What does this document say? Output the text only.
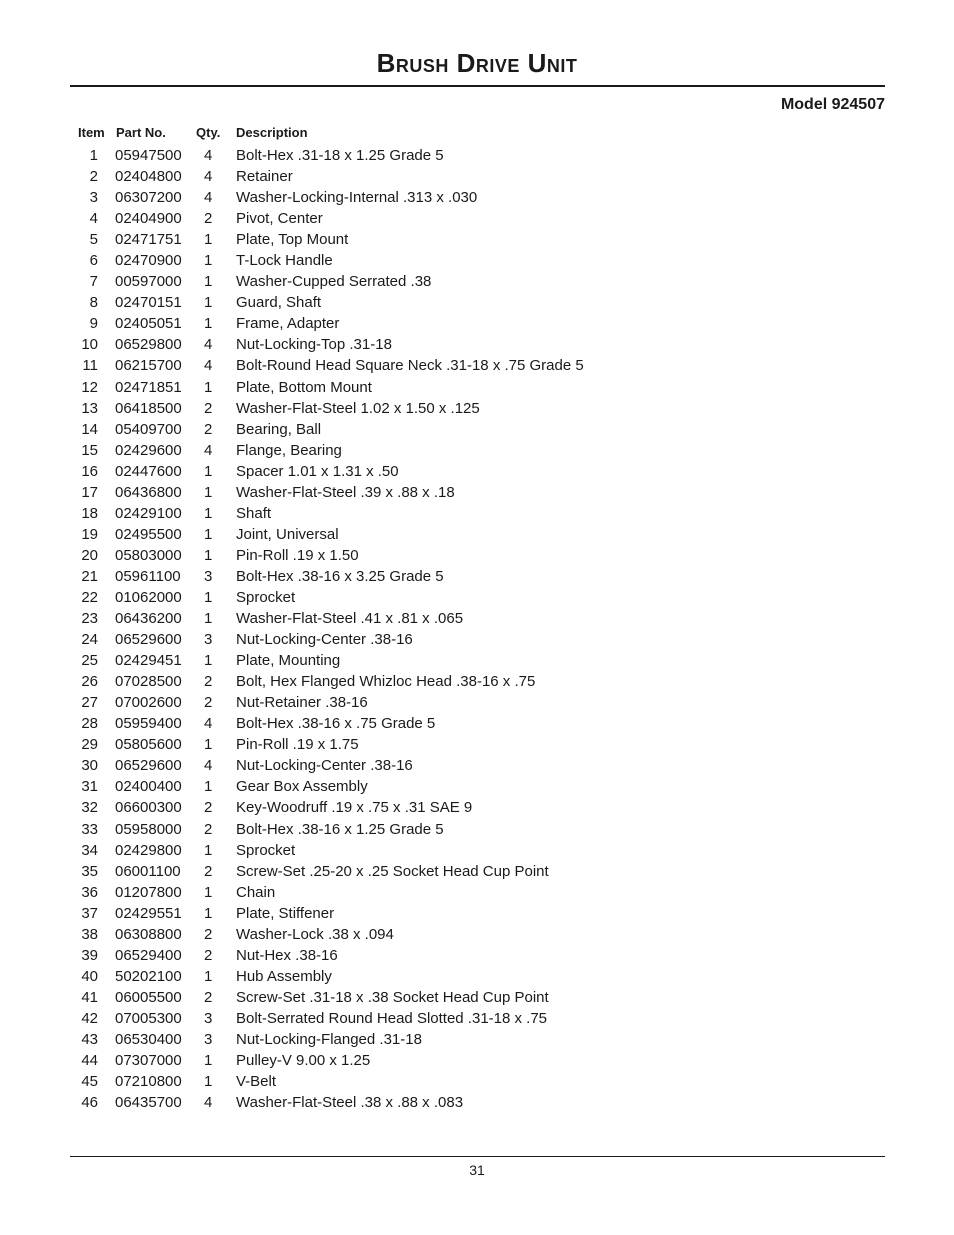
Brush Drive Unit
Model 924507
Item Part No. Qty. Description
1 05947500 4 Bolt-Hex .31-18 x 1.25 Grade 5
2 02404800 4 Retainer
3 06307200 4 Washer-Locking-Internal .313 x .030
4 02404900 2 Pivot, Center
5 02471751 1 Plate, Top Mount
6 02470900 1 T-Lock Handle
7 00597000 1 Washer-Cupped Serrated .38
8 02470151 1 Guard, Shaft
9 02405051 1 Frame, Adapter
10 06529800 4 Nut-Locking-Top .31-18
11 06215700 4 Bolt-Round Head Square Neck .31-18 x .75 Grade 5
12 02471851 1 Plate, Bottom Mount
13 06418500 2 Washer-Flat-Steel 1.02 x 1.50 x .125
14 05409700 2 Bearing, Ball
15 02429600 4 Flange, Bearing
16 02447600 1 Spacer 1.01 x 1.31 x .50
17 06436800 1 Washer-Flat-Steel .39 x .88 x .18
18 02429100 1 Shaft
19 02495500 1 Joint, Universal
20 05803000 1 Pin-Roll .19 x 1.50
21 05961100 3 Bolt-Hex .38-16 x 3.25 Grade 5
22 01062000 1 Sprocket
23 06436200 1 Washer-Flat-Steel .41 x .81 x .065
24 06529600 3 Nut-Locking-Center .38-16
25 02429451 1 Plate, Mounting
26 07028500 2 Bolt, Hex Flanged Whizloc Head .38-16 x .75
27 07002600 2 Nut-Retainer .38-16
28 05959400 4 Bolt-Hex .38-16 x .75 Grade 5
29 05805600 1 Pin-Roll .19 x 1.75
30 06529600 4 Nut-Locking-Center .38-16
31 02400400 1 Gear Box Assembly
32 06600300 2 Key-Woodruff .19 x .75 x .31 SAE 9
33 05958000 2 Bolt-Hex .38-16 x 1.25 Grade 5
34 02429800 1 Sprocket
35 06001100 2 Screw-Set .25-20 x .25 Socket Head Cup Point
36 01207800 1 Chain
37 02429551 1 Plate, Stiffener
38 06308800 2 Washer-Lock .38 x .094
39 06529400 2 Nut-Hex .38-16
40 50202100 1 Hub Assembly
41 06005500 2 Screw-Set .31-18 x .38 Socket Head Cup Point
42 07005300 3 Bolt-Serrated Round Head Slotted .31-18 x .75
43 06530400 3 Nut-Locking-Flanged .31-18
44 07307000 1 Pulley-V 9.00 x 1.25
45 07210800 1 V-Belt
46 06435700 4 Washer-Flat-Steel .38 x .88 x .083
31
